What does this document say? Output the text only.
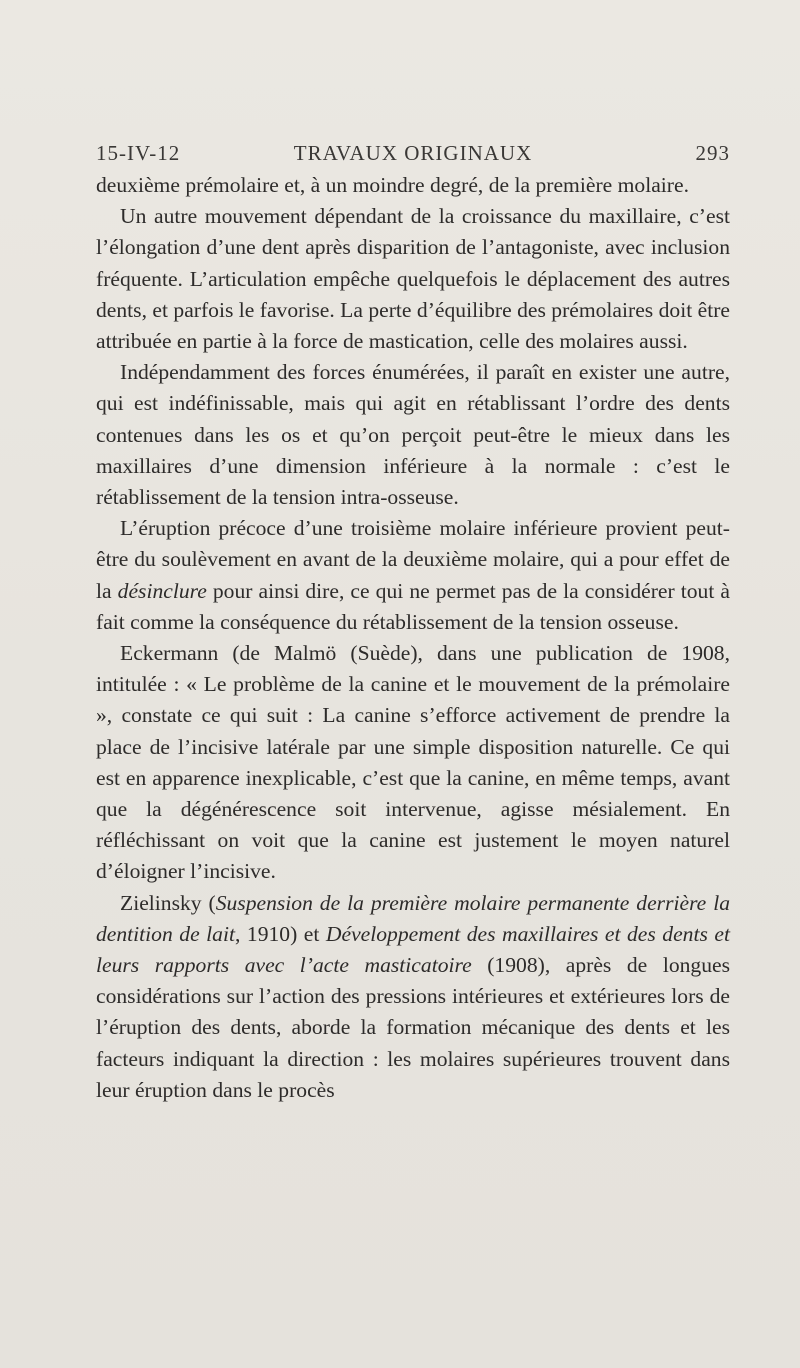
15-IV-12	TRAVAUX ORIGINAUX	293

deuxième prémolaire et, à un moindre degré, de la première molaire.

Un autre mouvement dépendant de la croissance du maxillaire, c’est l’élongation d’une dent après disparition de l’antagoniste, avec inclusion fréquente. L’articulation empêche quelquefois le déplacement des autres dents, et parfois le favorise. La perte d’équilibre des prémolaires doit être attribuée en partie à la force de mastication, celle des molaires aussi.

Indépendamment des forces énumérées, il paraît en exister une autre, qui est indéfinissable, mais qui agit en rétablissant l’ordre des dents contenues dans les os et qu’on perçoit peut-être le mieux dans les maxillaires d’une dimension inférieure à la normale : c’est le rétablissement de la tension intra-osseuse.

L’éruption précoce d’une troisième molaire inférieure provient peut-être du soulèvement en avant de la deuxième molaire, qui a pour effet de la désinclure pour ainsi dire, ce qui ne permet pas de la considérer tout à fait comme la conséquence du rétablissement de la tension osseuse.

Eckermann (de Malmö (Suède), dans une publication de 1908, intitulée : « Le problème de la canine et le mouvement de la prémolaire », constate ce qui suit : La canine s’efforce activement de prendre la place de l’incisive latérale par une simple disposition naturelle. Ce qui est en apparence inexplicable, c’est que la canine, en même temps, avant que la dégénérescence soit intervenue, agisse mésialement. En réfléchissant on voit que la canine est justement le moyen naturel d’éloigner l’incisive.

Zielinsky (Suspension de la première molaire permanente derrière la dentition de lait, 1910) et Développement des maxillaires et des dents et leurs rapports avec l’acte masticatoire (1908), après de longues considérations sur l’action des pressions intérieures et extérieures lors de l’éruption des dents, aborde la formation mécanique des dents et les facteurs indiquant la direction : les molaires supérieures trouvent dans leur éruption dans le procès
